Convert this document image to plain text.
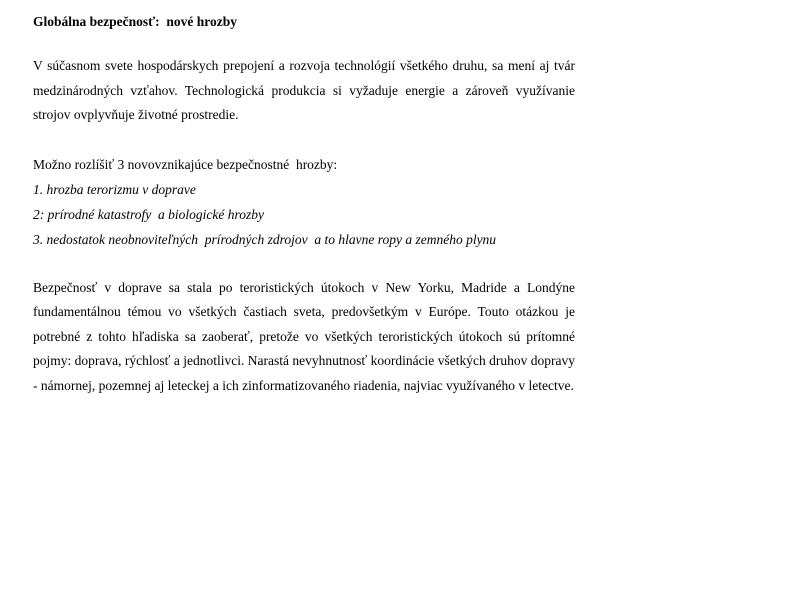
Globálna bezpečnosť:  nové hrozby

V súčasnom svete hospodárskych prepojení a rozvoja technológií všetkého druhu, sa mení aj tvár medzinárodných vzťahov. Technologická produkcia si vyžaduje energie a zároveň využívanie strojov ovplyvňuje životné prostredie.

Možno rozlíšiť 3 novovznikajúce bezpečnostné  hrozby:

1. hrozba terorizmu v doprave
2: prírodné katastrofy  a biologické hrozby
3. nedostatok neobnoviteľných  prírodných zdrojov  a to hlavne ropy a zemného plynu

Bezpečnosť v doprave sa stala po teroristických útokoch v New Yorku, Madride a Londýne fundamentálnou témou vo všetkých častiach sveta, predovšetkým v Európe. Touto otázkou je potrebné z tohto hľadiska sa zaoberať, pretože vo všetkých teroristických útokoch sú prítomné pojmy: doprava, rýchlosť a jednotlivci. Narastá nevyhnutnosť koordinácie všetkých druhov dopravy - námornej, pozemnej aj leteckej a ich zinformatizovaného riadenia, najviac využívaného v letectve.
